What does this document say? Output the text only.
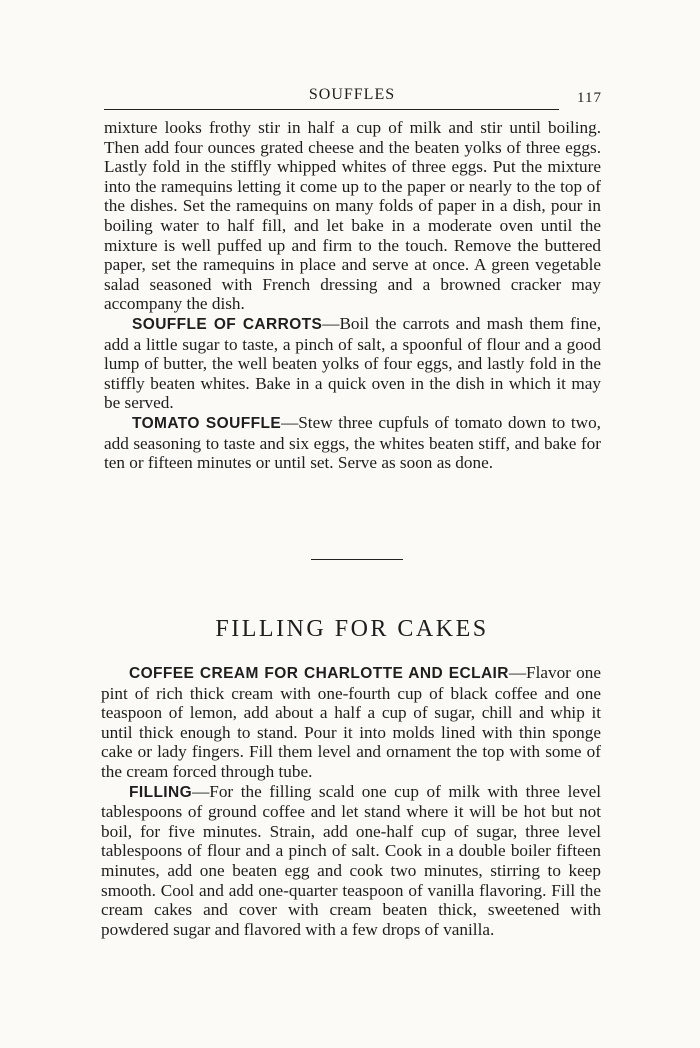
SOUFFLES	117

mixture looks frothy stir in half a cup of milk and stir until boiling. Then add four ounces grated cheese and the beaten yolks of three eggs. Lastly fold in the stiffly whipped whites of three eggs. Put the mixture into the ramequins letting it come up to the paper or nearly to the top of the dishes. Set the ramequins on many folds of paper in a dish, pour in boiling water to half fill, and let bake in a moderate oven until the mixture is well puffed up and firm to the touch. Remove the buttered paper, set the ramequins in place and serve at once. A green vegetable salad seasoned with French dressing and a browned cracker may accompany the dish.

SOUFFLE OF CARROTS—Boil the carrots and mash them fine, add a little sugar to taste, a pinch of salt, a spoonful of flour and a good lump of butter, the well beaten yolks of four eggs, and lastly fold in the stiffly beaten whites. Bake in a quick oven in the dish in which it may be served.

TOMATO SOUFFLE—Stew three cupfuls of tomato down to two, add seasoning to taste and six eggs, the whites beaten stiff, and bake for ten or fifteen minutes or until set. Serve as soon as done.

FILLING FOR CAKES

COFFEE CREAM FOR CHARLOTTE AND ECLAIR—Flavor one pint of rich thick cream with one-fourth cup of black coffee and one teaspoon of lemon, add about a half a cup of sugar, chill and whip it until thick enough to stand. Pour it into molds lined with thin sponge cake or lady fingers. Fill them level and ornament the top with some of the cream forced through tube.

FILLING—For the filling scald one cup of milk with three level tablespoons of ground coffee and let stand where it will be hot but not boil, for five minutes. Strain, add one-half cup of sugar, three level tablespoons of flour and a pinch of salt. Cook in a double boiler fifteen minutes, add one beaten egg and cook two minutes, stirring to keep smooth. Cool and add one-quarter teaspoon of vanilla flavoring. Fill the cream cakes and cover with cream beaten thick, sweetened with powdered sugar and flavored with a few drops of vanilla.
